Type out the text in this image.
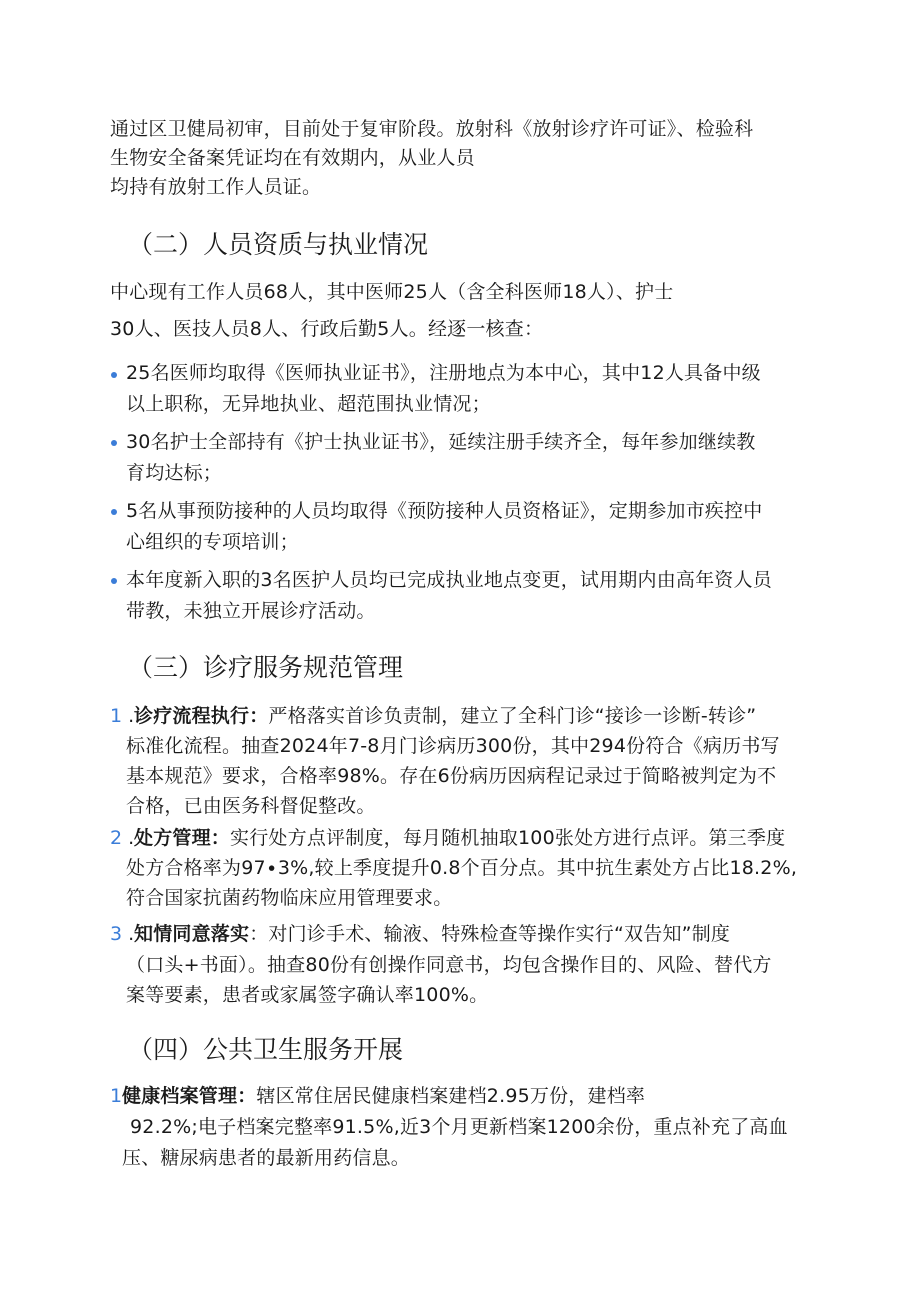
通过区卫健局初审，目前处于复审阶段。放射科《放射诊疗许可证》、检验科
生物安全备案凭证均在有效期内，从业人员
均持有放射工作人员证。
（二）人员资质与执业情况
中心现有工作人员68人，其中医师25人（含全科医师18人）、护士
30人、医技人员8人、行政后勤5人。经逐一核查：
25名医师均取得《医师执业证书》，注册地点为本中心，其中12人具备中级
以上职称，无异地执业、超范围执业情况；
30名护士全部持有《护士执业证书》，延续注册手续齐全，每年参加继续教
育均达标；
5名从事预防接种的人员均取得《预防接种人员资格证》，定期参加市疾控中
心组织的专项培训；
本年度新入职的3名医护人员均已完成执业地点变更，试用期内由高年资人员
带教，未独立开展诊疗活动。
（三）诊疗服务规范管理
1 . 诊疗流程执行：严格落实首诊负责制，建立了全科门诊“接诊一诊断-转诊”
标准化流程。抽查2024年7-8月门诊病历300份，其中294份符合《病历书写
基本规范》要求，合格率98%。存在6份病历因病程记录过于简略被判定为不
合格，已由医务科督促整改。
2 . 处方管理：实行处方点评制度，每月随机抽取100张处方进行点评。第三季度
处方合格率为97∙3%,较上季度提升0.8个百分点。其中抗生素处方占比18.2%,
符合国家抗菌药物临床应用管理要求。
3 . 知情同意落实：对门诊手术、输液、特殊检查等操作实行“双告知”制度
（口头+书面）。抽查80份有创操作同意书，均包含操作目的、风险、替代方
案等要素，患者或家属签字确认率100%。
（四）公共卫生服务开展
1 健康档案管理：辖区常住居民健康档案建档2.95万份，建档率
92.2%;电子档案完整率91.5%,近3个月更新档案1200余份，重点补充了高血
压、糖尿病患者的最新用药信息。
